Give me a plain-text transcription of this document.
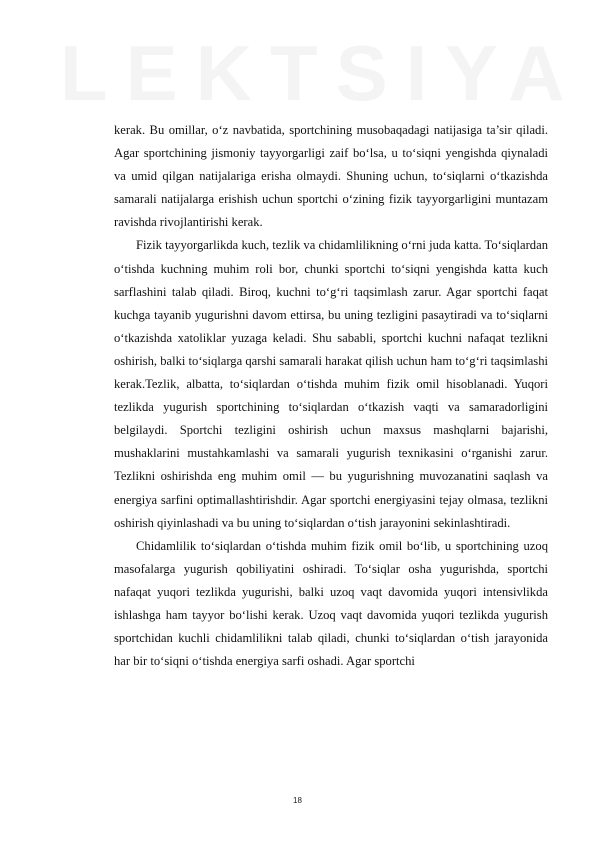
LEKTSIYA

kerak. Bu omillar, o‘z navbatida, sportchining musobaqadagi natijasiga ta’sir qiladi. Agar sportchining jismoniy tayyorgarligi zaif bo‘lsa, u to‘siqni yengishda qiynaladi va umid qilgan natijalariga erisha olmaydi. Shuning uchun, to‘siqlarni o‘tkazishda samarali natijalarga erishish uchun sportchi o‘zining fizik tayyorgarligini muntazam ravishda rivojlantirishi kerak.

Fizik tayyorgarlikda kuch, tezlik va chidamlilikning o‘rni juda katta. To‘siqlardan o‘tishda kuchning muhim roli bor, chunki sportchi to‘siqni yengishda katta kuch sarflashini talab qiladi. Biroq, kuchni to‘g‘ri taqsimlash zarur. Agar sportchi faqat kuchga tayanib yugurishni davom ettirsa, bu uning tezligini pasaytiradi va to‘siqlarni o‘tkazishda xatoliklar yuzaga keladi. Shu sababli, sportchi kuchni nafaqat tezlikni oshirish, balki to‘siqlarga qarshi samarali harakat qilish uchun ham to‘g‘ri taqsimlashi kerak.Tezlik, albatta, to‘siqlardan o‘tishda muhim fizik omil hisoblanadi. Yuqori tezlikda yugurish sportchining to‘siqlardan o‘tkazish vaqti va samaradorligini belgilaydi. Sportchi tezligini oshirish uchun maxsus mashqlarni bajarishi, mushaklarini mustahkamlashi va samarali yugurish texnikasini o‘rganishi zarur. Tezlikni oshirishda eng muhim omil — bu yugurishning muvozanatini saqlash va energiya sarfini optimallashtirishdir. Agar sportchi energiyasini tejay olmasa, tezlikni oshirish qiyinlashadi va bu uning to‘siqlardan o‘tish jarayonini sekinlashtiradi.

Chidamlilik to‘siqlardan o‘tishda muhim fizik omil bo‘lib, u sportchining uzoq masofalarga yugurish qobiliyatini oshiradi. To‘siqlar osha yugurishda, sportchi nafaqat yuqori tezlikda yugurishi, balki uzoq vaqt davomida yuqori intensivlikda ishlashga ham tayyor bo‘lishi kerak. Uzoq vaqt davomida yuqori tezlikda yugurish sportchidan kuchli chidamlilikni talab qiladi, chunki to‘siqlardan o‘tish jarayonida har bir to‘siqni o‘tishda energiya sarfi oshadi. Agar sportchi

18
